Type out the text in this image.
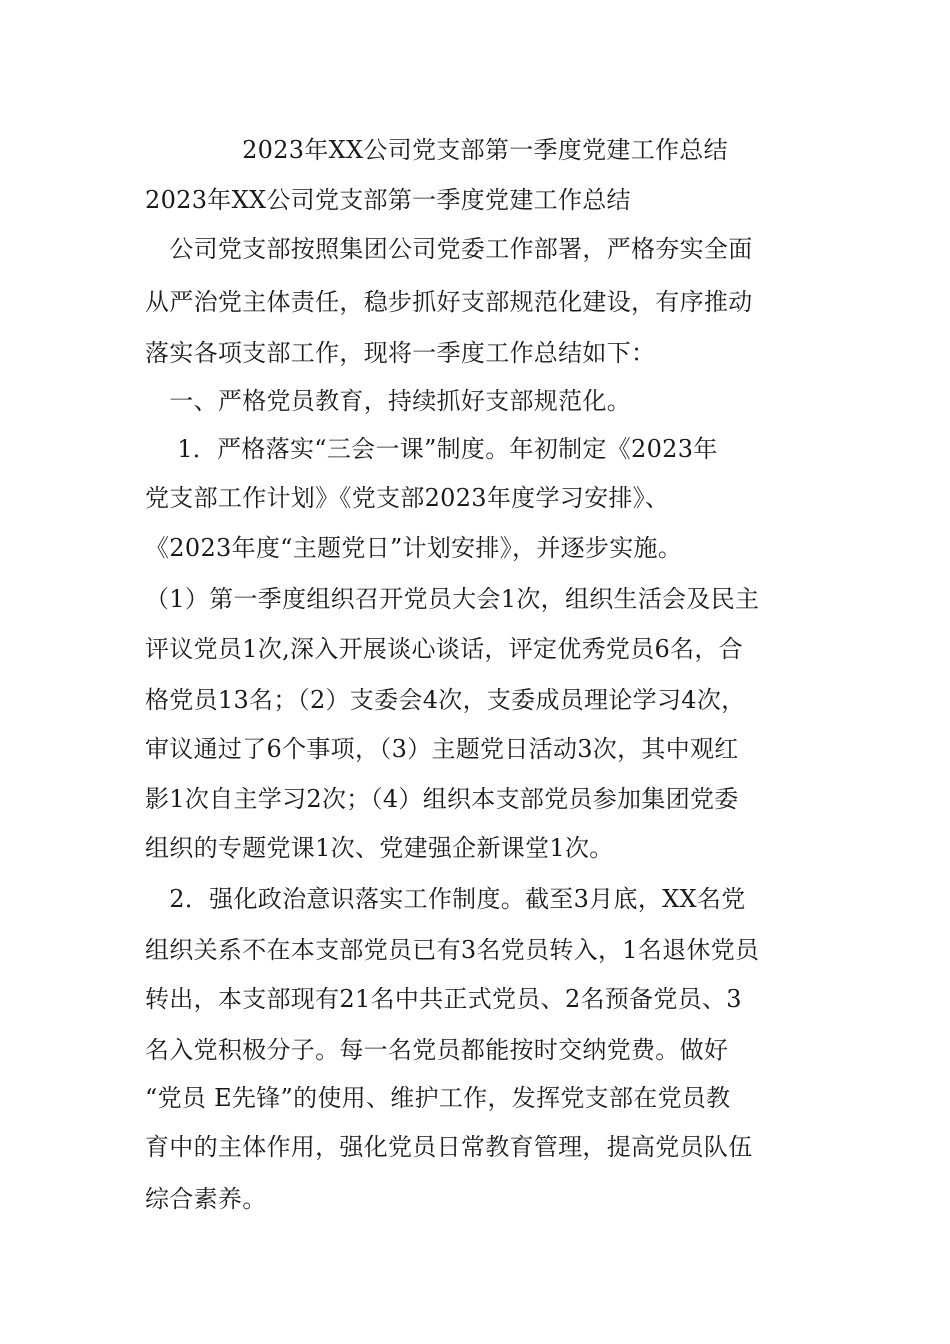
2023年XX公司党支部第一季度党建工作总结
2023年XX公司党支部第一季度党建工作总结
　公司党支部按照集团公司党委工作部署，严格夯实全面
从严治党主体责任，稳步抓好支部规范化建设，有序推动
落实各项支部工作，现将一季度工作总结如下：
　一、严格党员教育，持续抓好支部规范化。
　 1．严格落实“三会一课”制度。年初制定《2023年
党支部工作计划》《党支部2023年度学习安排》、
《2023年度“主题党日”计划安排》，并逐步实施。
（1）第一季度组织召开党员大会1次，组织生活会及民主
评议党员1次,深入开展谈心谈话，评定优秀党员6名，合
格党员13名；（2）支委会4次，支委成员理论学习4次，
审议通过了6个事项，（3）主题党日活动3次，其中观红
影1次自主学习2次；（4）组织本支部党员参加集团党委
组织的专题党课1次、党建强企新课堂1次。
　2．强化政治意识落实工作制度。截至3月底，XX名党
组织关系不在本支部党员已有3名党员转入，1名退休党员
转出，本支部现有21名中共正式党员、2名预备党员、3
名入党积极分子。每一名党员都能按时交纳党费。做好
“党员 E先锋”的使用、维护工作，发挥党支部在党员教
育中的主体作用，强化党员日常教育管理，提高党员队伍
综合素养。
